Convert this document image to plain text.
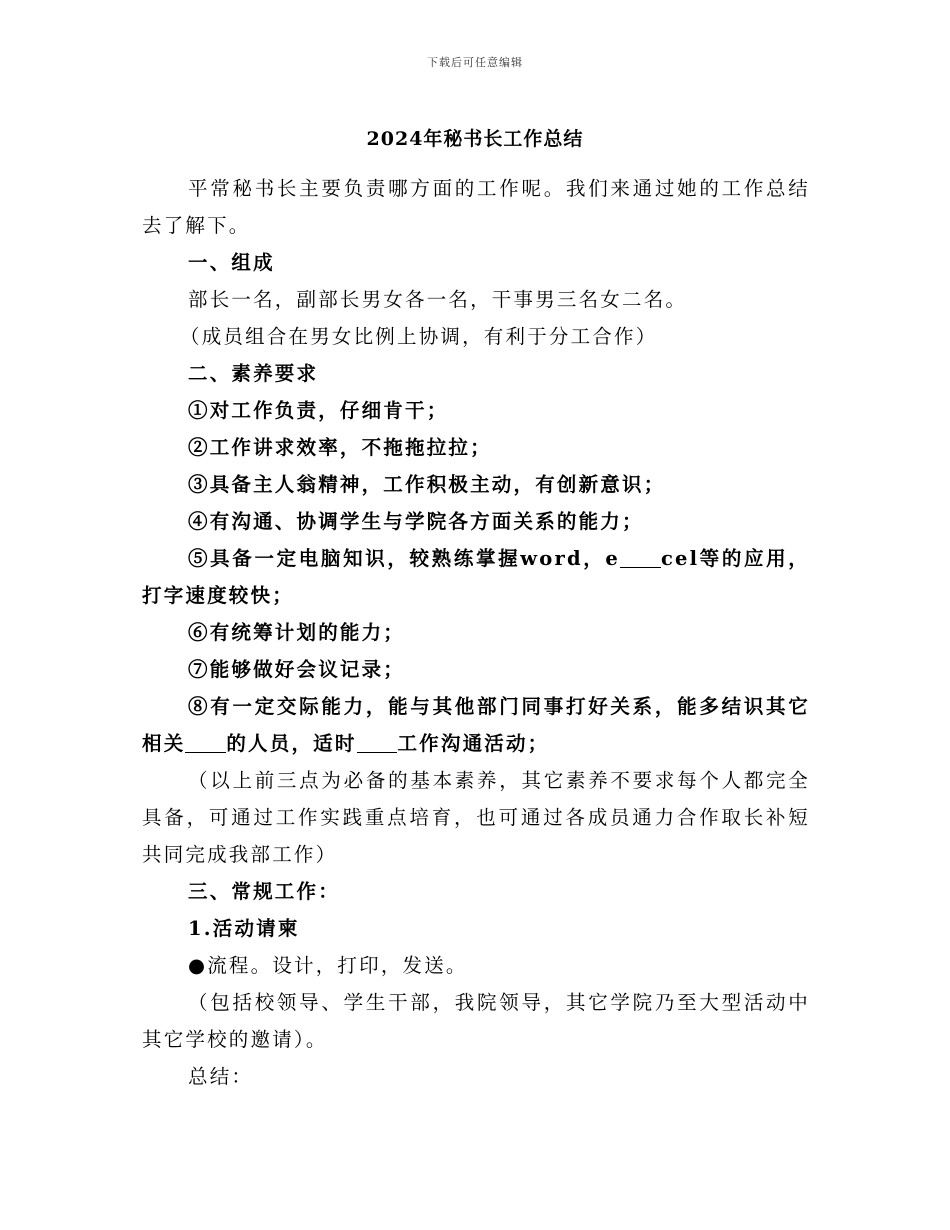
下载后可任意编辑
2024年秘书长工作总结

平常秘书长主要负责哪方面的工作呢。我们来通过她的工作总结去了解下。

一、组成

部长一名，副部长男女各一名，干事男三名女二名。

（成员组合在男女比例上协调，有利于分工合作）

二、素养要求

①对工作负责，仔细肯干；

②工作讲求效率，不拖拖拉拉；

③具备主人翁精神，工作积极主动，有创新意识；

④有沟通、协调学生与学院各方面关系的能力；

⑤具备一定电脑知识，较熟练掌握word，e cel等的应用，打字速度较快；

⑥有统筹计划的能力；

⑦能够做好会议记录；

⑧有一定交际能力，能与其他部门同事打好关系，能多结识其它相关 的人员，适时 工作沟通活动；

（以上前三点为必备的基本素养，其它素养不要求每个人都完全具备，可通过工作实践重点培育，也可通过各成员通力合作取长补短共同完成我部工作）

三、常规工作：

1.活动请柬

●流程。设计，打印，发送。

（包括校领导、学生干部，我院领导，其它学院乃至大型活动中其它学校的邀请）。

总结：
